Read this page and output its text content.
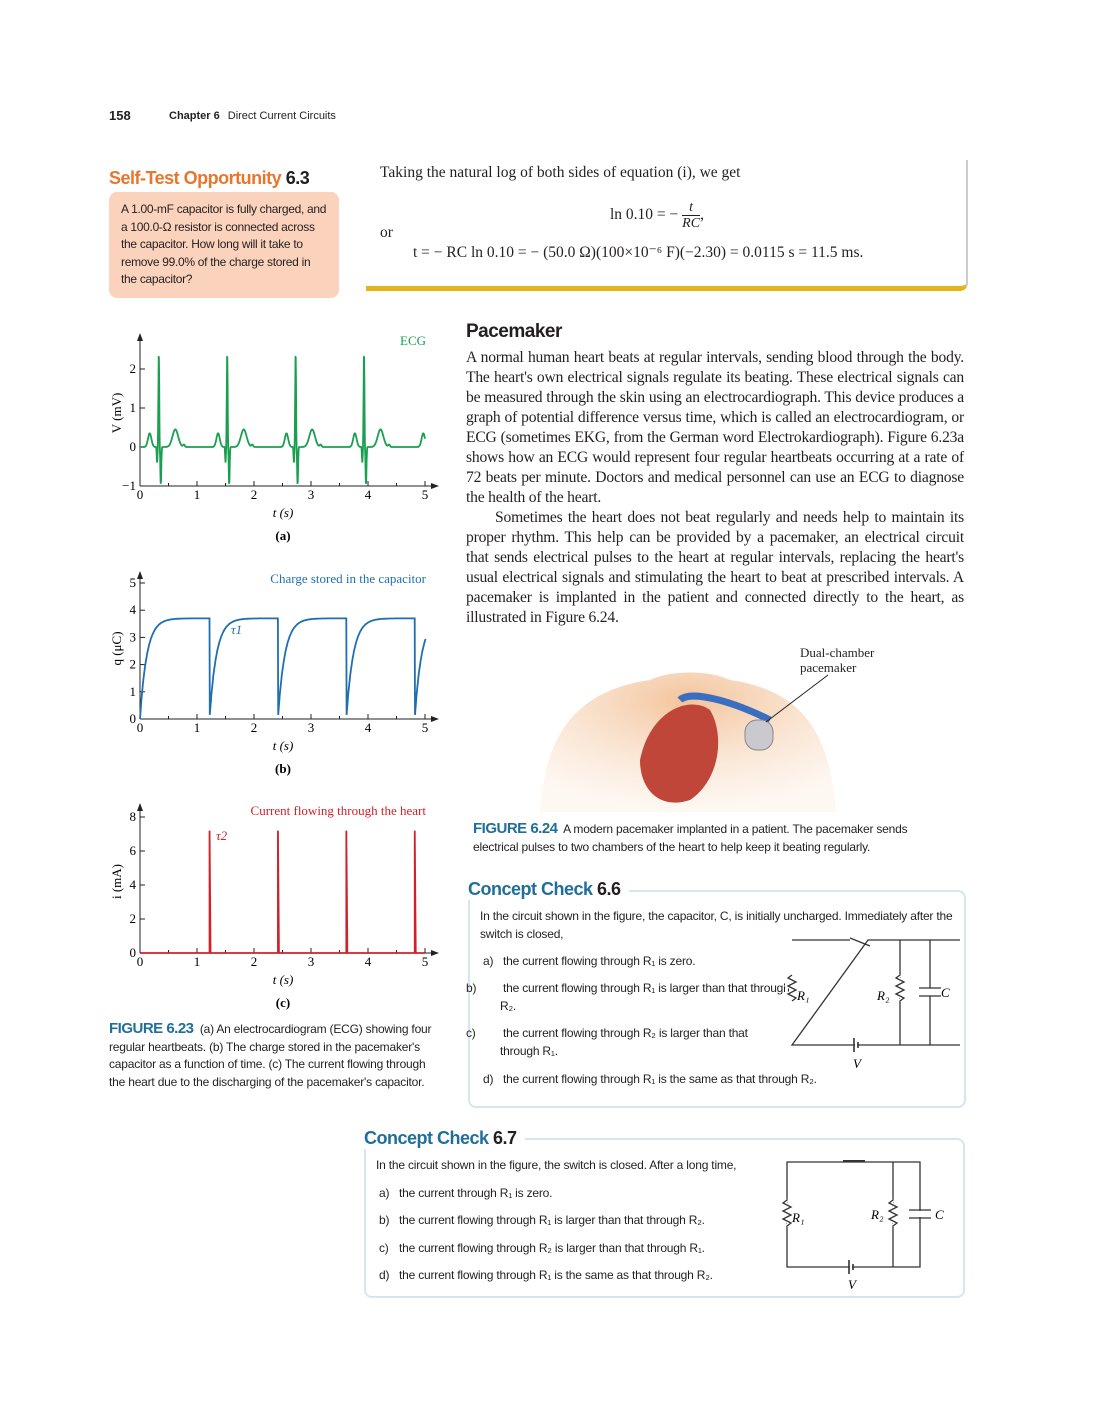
158	Chapter 6 Direct Current Circuits
Self-Test Opportunity 6.3
A 1.00-mF capacitor is fully charged, and a 100.0-Ω resistor is connected across the capacitor. How long will it take to remove 99.0% of the charge stored in the capacitor?
Taking the natural log of both sides of equation (i), we get
ln 0.10 = − $\frac{t}{RC}$ ,
or
t = − RC ln 0.10 = − (50.0 Ω)(100×10⁻⁶ F)(−2.30) = 0.0115 s = 11.5 ms.
0	1	2	3	4	5
−1
0
1
2
t (s)
(a)
V (mV)
ECG
0	1	2	3	4	5
0
1
2
3
4
5
t (s)
(b)
q (μC)
Charge stored in the capacitor
τ1
0	1	2	3	4	5
0
2
4
6
8
t (s)
(c)
i (mA)
Current flowing through the heart
τ2
FIGURE 6.23 (a) An electrocardiogram (ECG) showing four regular heartbeats. (b) The charge stored in the pacemaker's capacitor as a function of time. (c) The current flowing through the heart due to the discharging of the pacemaker's capacitor.
Pacemaker

A normal human heart beats at regular intervals, sending blood through the body. The heart's own electrical signals regulate its beating. These electrical signals can be measured through the skin using an electrocardiograph. This device produces a graph of potential difference versus time, which is called an electrocardiogram, or ECG (sometimes EKG, from the German word Electrokardiograph). Figure 6.23a shows how an ECG would represent four regular heartbeats occurring at a rate of 72 beats per minute. Doctors and medical personnel can use an ECG to diagnose the health of the heart.

Sometimes the heart does not beat regularly and needs help to maintain its proper rhythm. This help can be provided by a pacemaker, an electrical circuit that sends electrical pulses to the heart at regular intervals, replacing the heart's usual electrical signals and stimulating the heart to beat at prescribed intervals. A pacemaker is implanted in the patient and connected directly to the heart, as illustrated in Figure 6.24.

Dual-chamber pacemaker
FIGURE 6.24 A modern pacemaker implanted in a patient. The pacemaker sends electrical pulses to two chambers of the heart to help keep it beating regularly.
Concept Check 6.6
In the circuit shown in the figure, the capacitor, C, is initially uncharged. Immediately after the switch is closed,
a) the current flowing through R₁ is zero.
b) the current flowing through R₁ is larger than that through R₂.
c) the current flowing through R₂ is larger than that through R₁.
d) the current flowing through R₁ is the same as that through R₂.
R₁	R₂	C
V
Concept Check 6.7
In the circuit shown in the figure, the switch is closed. After a long time,
a) the current through R₁ is zero.
b) the current flowing through R₁ is larger than that through R₂.
c) the current flowing through R₂ is larger than that through R₁.
d) the current flowing through R₁ is the same as that through R₂.
R₁	R₂	C
V
